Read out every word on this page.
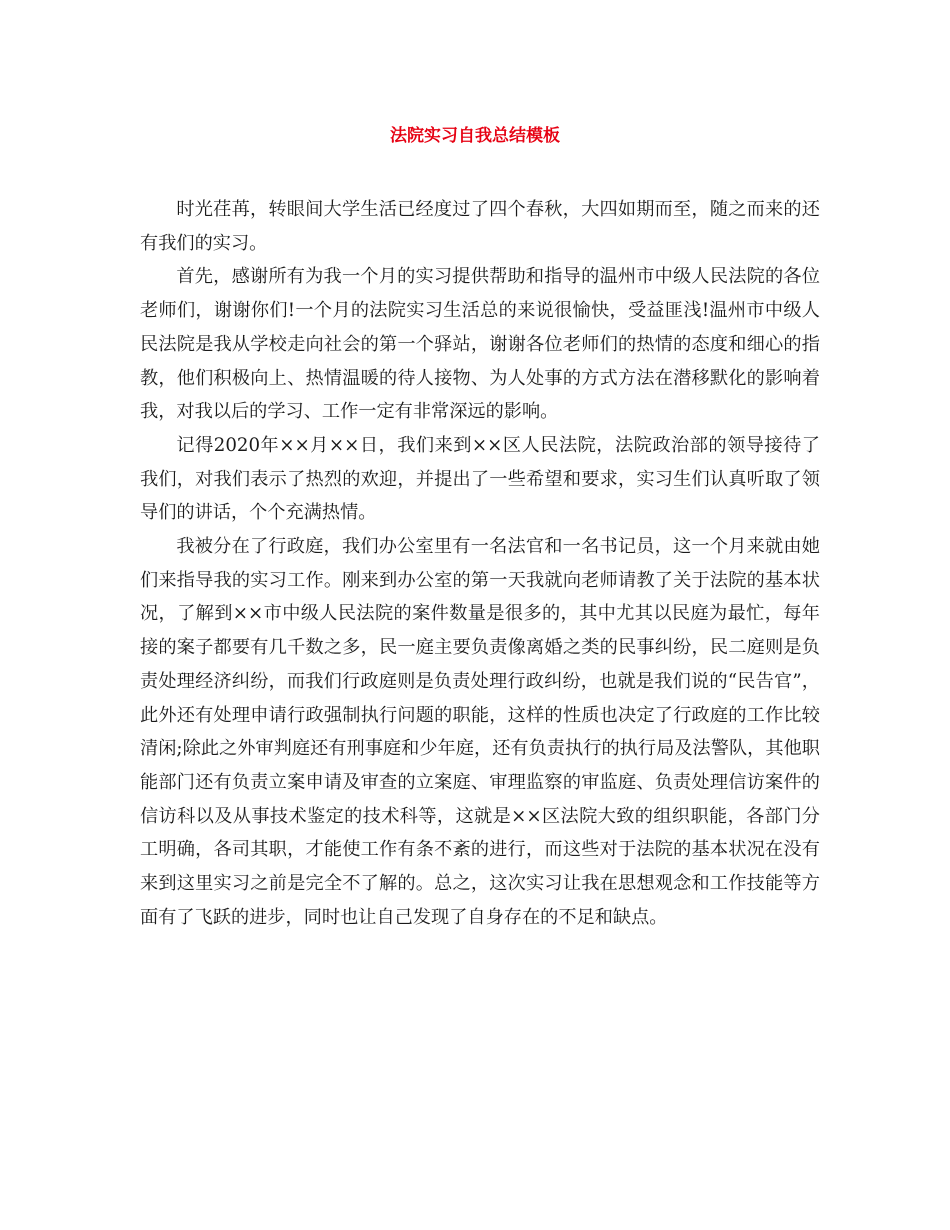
法院实习自我总结模板

时光荏苒，转眼间大学生活已经度过了四个春秋，大四如期而至，随之而来的还有我们的实习。

首先，感谢所有为我一个月的实习提供帮助和指导的温州市中级人民法院的各位老师们，谢谢你们!一个月的法院实习生活总的来说很愉快，受益匪浅!温州市中级人民法院是我从学校走向社会的第一个驿站，谢谢各位老师们的热情的态度和细心的指教，他们积极向上、热情温暖的待人接物、为人处事的方式方法在潜移默化的影响着我，对我以后的学习、工作一定有非常深远的影响。

记得2020年××月××日，我们来到××区人民法院，法院政治部的领导接待了我们，对我们表示了热烈的欢迎，并提出了一些希望和要求，实习生们认真听取了领导们的讲话，个个充满热情。

我被分在了行政庭，我们办公室里有一名法官和一名书记员，这一个月来就由她们来指导我的实习工作。刚来到办公室的第一天我就向老师请教了关于法院的基本状况，了解到××市中级人民法院的案件数量是很多的，其中尤其以民庭为最忙，每年接的案子都要有几千数之多，民一庭主要负责像离婚之类的民事纠纷，民二庭则是负责处理经济纠纷，而我们行政庭则是负责处理行政纠纷，也就是我们说的“民告官”，此外还有处理申请行政强制执行问题的职能，这样的性质也决定了行政庭的工作比较清闲;除此之外审判庭还有刑事庭和少年庭，还有负责执行的执行局及法警队，其他职能部门还有负责立案申请及审查的立案庭、审理监察的审监庭、负责处理信访案件的信访科以及从事技术鉴定的技术科等，这就是××区法院大致的组织职能，各部门分工明确，各司其职，才能使工作有条不紊的进行，而这些对于法院的基本状况在没有来到这里实习之前是完全不了解的。总之，这次实习让我在思想观念和工作技能等方面有了飞跃的进步，同时也让自己发现了自身存在的不足和缺点。
